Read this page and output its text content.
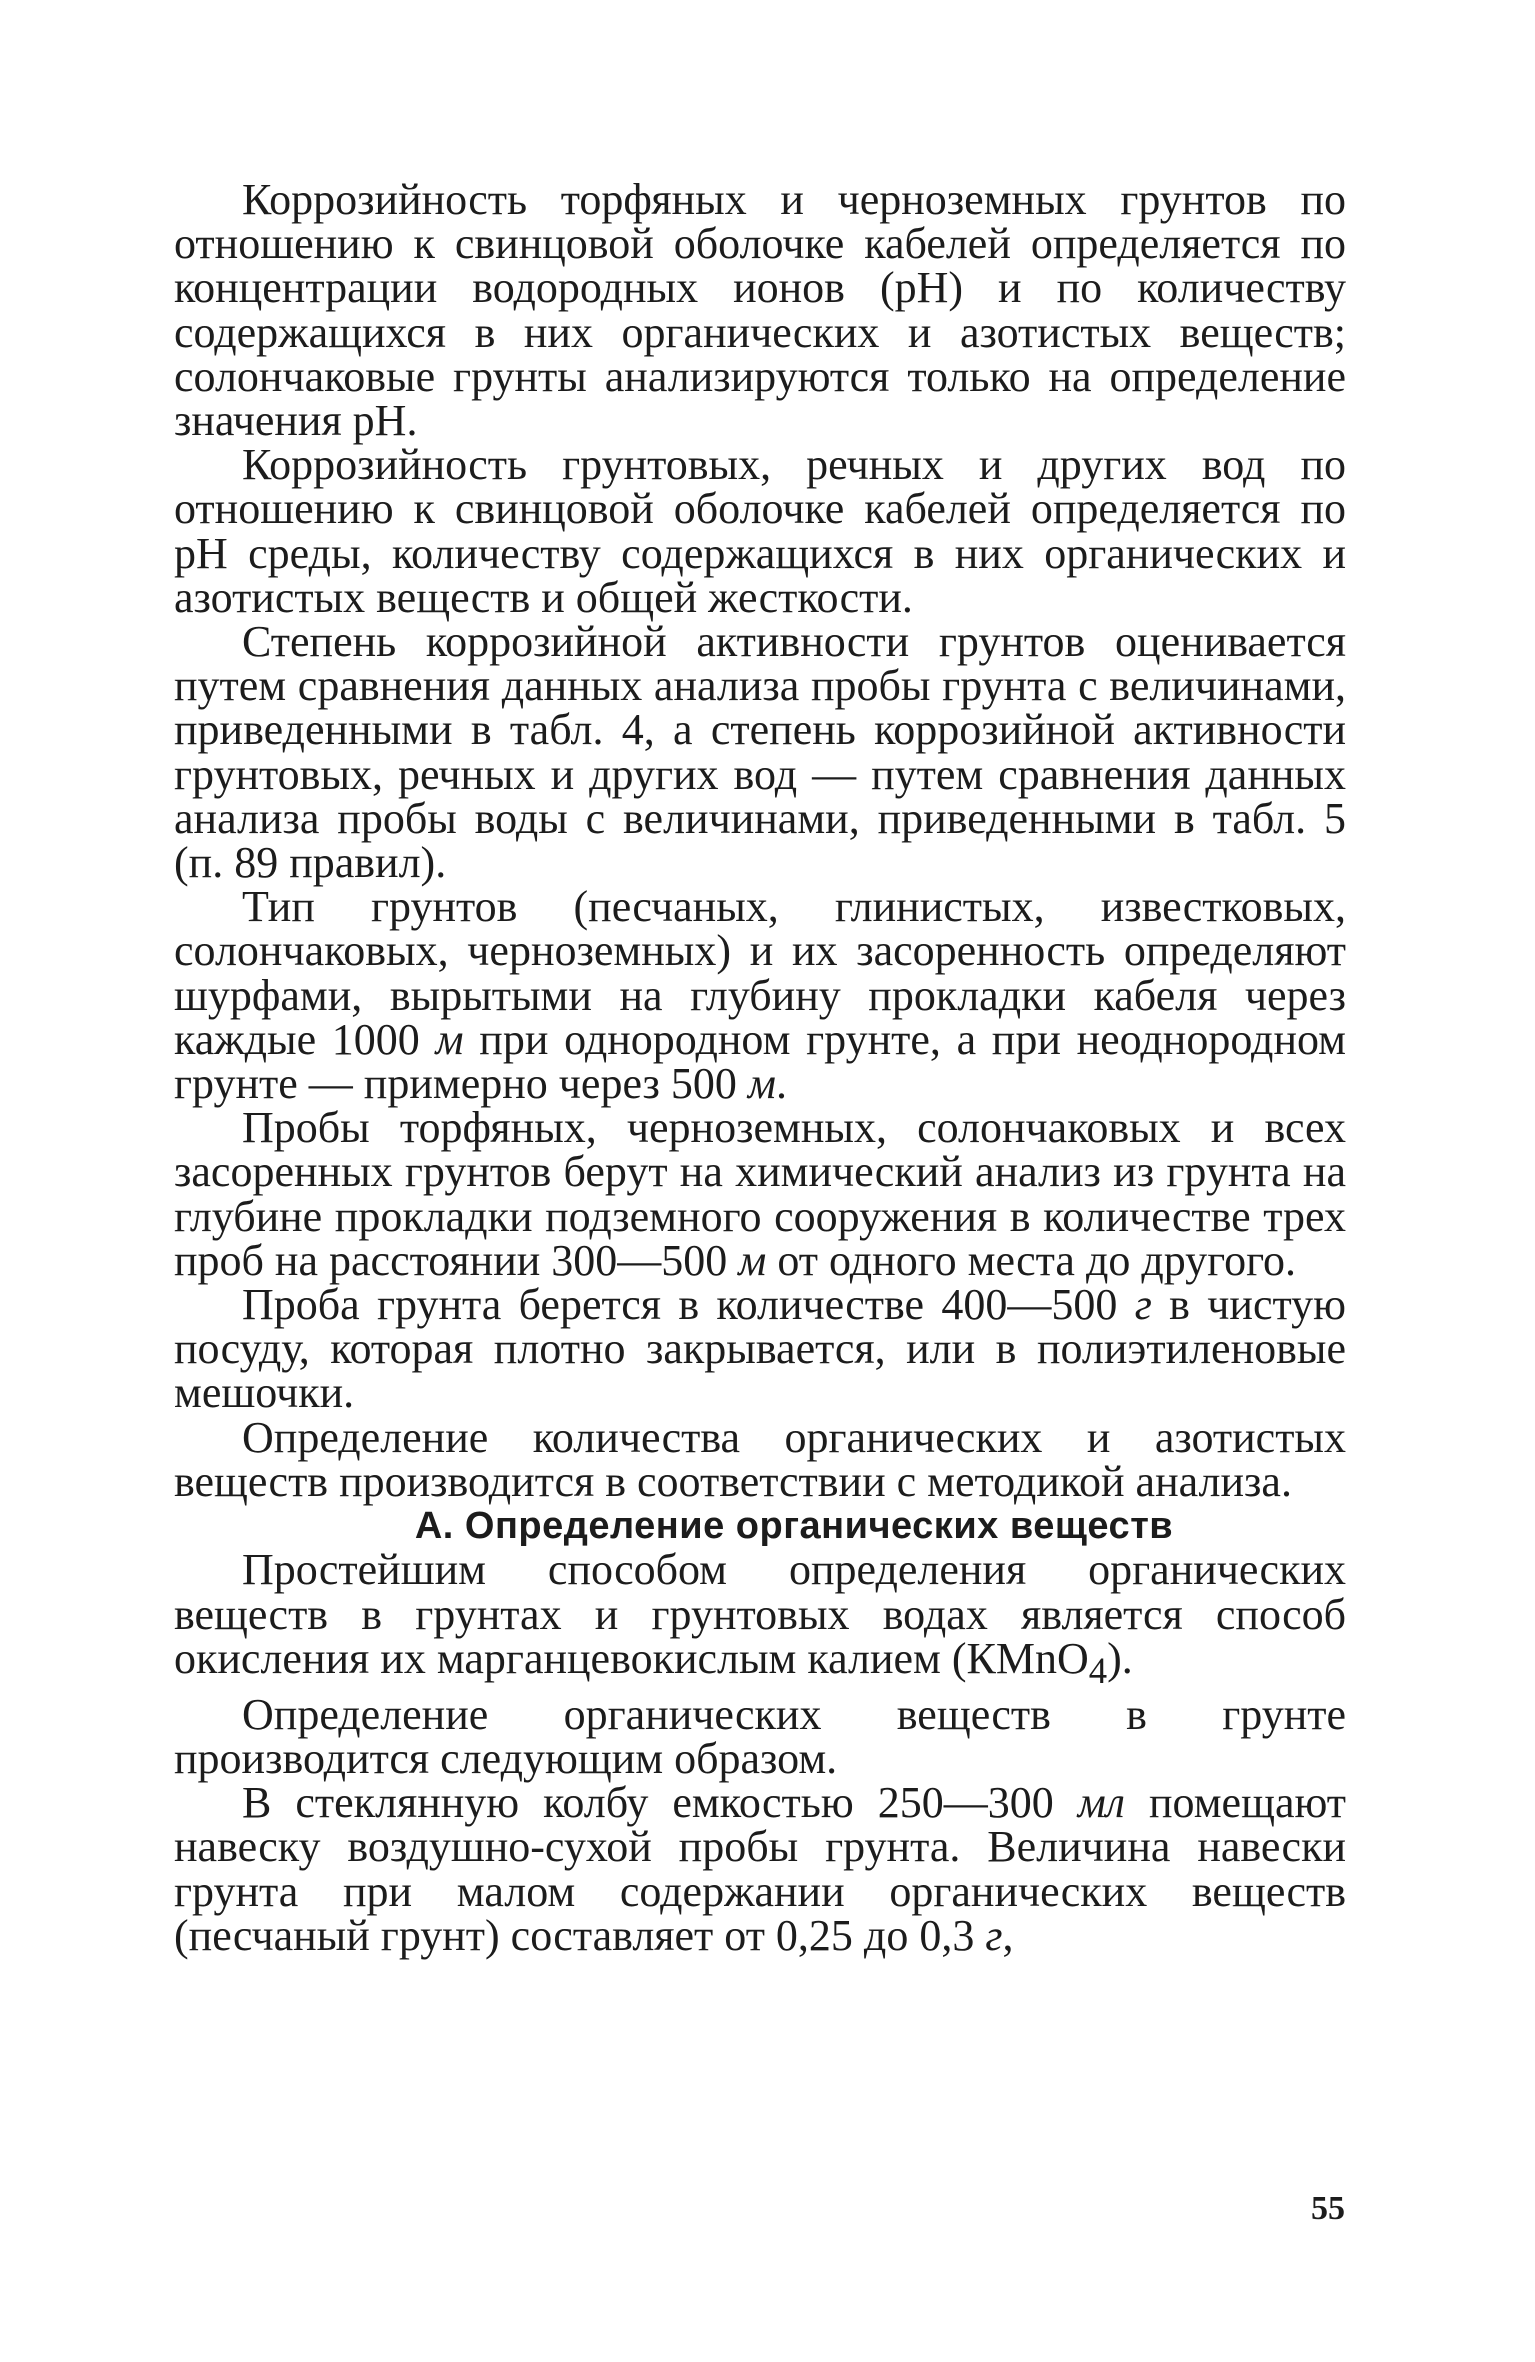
Коррозийность торфяных и черноземных грунтов по отношению к свинцовой оболочке кабелей определяется по концентрации водородных ионов (pH) и по количеству содержащихся в них органических и азотистых веществ; солончаковые грунты анализируются только на определение значения pH.

Коррозийность грунтовых, речных и других вод по отношению к свинцовой оболочке кабелей определяется по pH среды, количеству содержащихся в них органических и азотистых веществ и общей жесткости.

Степень коррозийной активности грунтов оценивается путем сравнения данных анализа пробы грунта с величинами, приведенными в табл. 4, а степень коррозийной активности грунтовых, речных и других вод — путем сравнения данных анализа пробы воды с величинами, приведенными в табл. 5 (п. 89 правил).

Тип грунтов (песчаных, глинистых, известковых, солончаковых, черноземных) и их засоренность определяют шурфами, вырытыми на глубину прокладки кабеля через каждые 1000 м при однородном грунте, а при неоднородном грунте — примерно через 500 м.

Пробы торфяных, черноземных, солончаковых и всех засоренных грунтов берут на химический анализ из грунта на глубине прокладки подземного сооружения в количестве трех проб на расстоянии 300—500 м от одного места до другого.

Проба грунта берется в количестве 400—500 г в чистую посуду, которая плотно закрывается, или в полиэтиленовые мешочки.

Определение количества органических и азотистых веществ производится в соответствии с методикой анализа.

А. Определение органических веществ

Простейшим способом определения органических веществ в грунтах и грунтовых водах является способ окисления их марганцевокислым калием (КМnО$_4$).

Определение органических веществ в грунте производится следующим образом.

В стеклянную колбу емкостью 250—300 мл помещают навеску воздушно-сухой пробы грунта. Величина навески грунта при малом содержании органических веществ (песчаный грунт) составляет от 0,25 до 0,3 г,

55
